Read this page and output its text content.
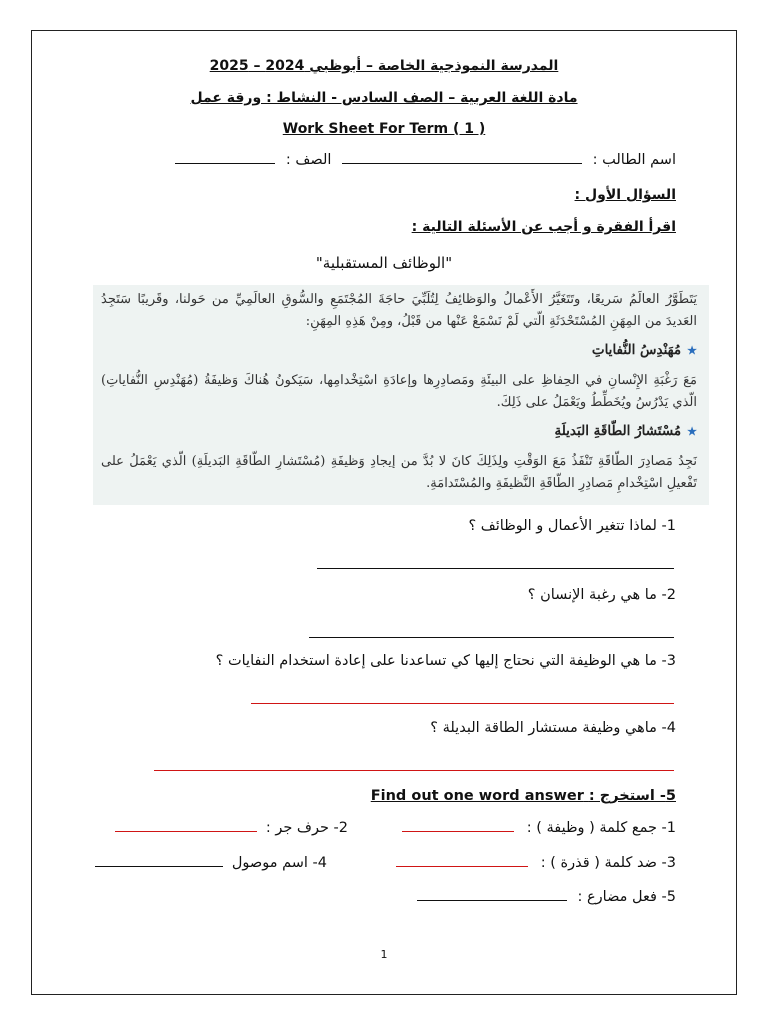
المدرسة النموذجية الخاصة – أبوظبي 2024 – 2025
مادة اللغة العربية – الصف السادس - النشاط : ورقة عمل
Work Sheet For Term ( 1 )
اسم الطالب :  الصف :
السؤال الأول :
اقرأ الفقرة و أجب عن الأسئلة التالية :
"الوظائف المستقبلية"
يَتَطَوَّرُ العالَمُ سَريعًا، وتَتَغَيَّرُ الأَعْمالُ والوَظائِفُ لِتُلَبِّيَ حاجَةَ المُجْتَمَعِ والسُّوقِ العالَمِيِّ من حَولنا، وقَريبًا سَتَجِدُ العَديدَ من المِهَنِ المُسْتَحْدَثَةِ الّتي لَمْ نَسْمَعْ عَنْها من قَبْلُ، ومِنْ هَذِهِ المِهَنِ:
★مُهَنْدِسُ النُّفاياتِ
مَعَ رَغْبَةِ الإِنْسانِ في الحِفاظِ على البيئَةِ ومَصادِرِها وإعادَةِ اسْتِخْدامِها، سَيَكونُ هُناكَ وَظيفَةُ (مُهَنْدِسِ النُّفاياتِ) الّذي يَدْرُسُ ويُخَطِّطُ ويَعْمَلُ على ذَلِكَ.
★مُسْتَشارُ الطّاقَةِ البَديلَةِ
نَجِدُ مَصادِرَ الطّاقَةِ تَنْفَذُ مَعَ الوَقْتِ ولِذَلِكَ كانَ لا بُدَّ من إيجادِ وَظيفَةِ (مُسْتَشارِ الطّاقَةِ البَديلَةِ) الّذي يَعْمَلُ على تَفْعيلِ اسْتِخْدامِ مَصادِرِ الطّاقَةِ النَّظيفَةِ والمُسْتَدامَةِ.
1- لماذا تتغير الأعمال و الوظائف ؟
2- ما هي رغبة الإنسان ؟
3- ما هي الوظيفة التي نحتاج إليها كي تساعدنا على إعادة استخدام النفايات ؟
4- ماهي وظيفة مستشار الطاقة البديلة ؟
5- استخرج : Find out one word answer
1- جمع كلمة ( وظيفة ) :
2- حرف جر :
3- ضد كلمة ( قذرة ) :
4- اسم موصول
5- فعل مضارع :
1
